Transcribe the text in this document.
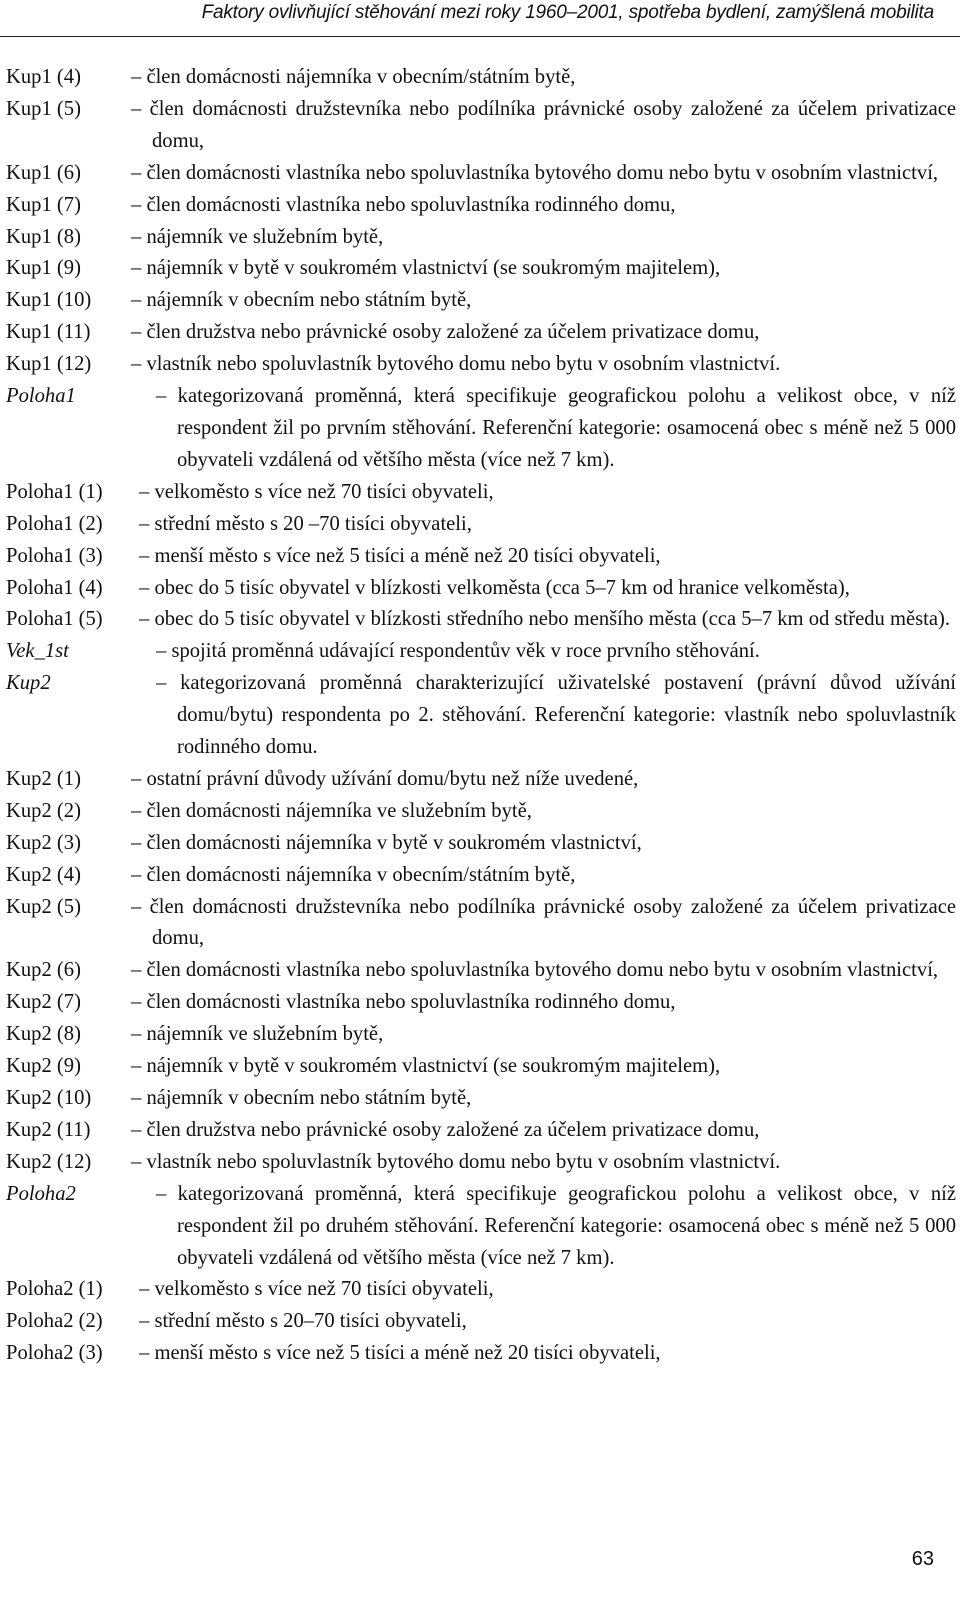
Faktory ovlivňující stěhování mezi roky 1960–2001, spotřeba bydlení, zamýšlená mobilita
Kup1 (4)	– člen domácnosti nájemníka v obecním/státním bytě,
Kup1 (5)	– člen domácnosti družstevníka nebo podílníka právnické osoby založené za účelem privatizace domu,
Kup1 (6)	– člen domácnosti vlastníka nebo spoluvlastníka bytového domu nebo bytu v osobním vlastnictví,
Kup1 (7)	– člen domácnosti vlastníka nebo spoluvlastníka rodinného domu,
Kup1 (8)	– nájemník ve služebním bytě,
Kup1 (9)	– nájemník v bytě v soukromém vlastnictví (se soukromým majitelem),
Kup1 (10)	– nájemník v obecním nebo státním bytě,
Kup1 (11)	– člen družstva nebo právnické osoby založené za účelem privatizace domu,
Kup1 (12)	– vlastník nebo spoluvlastník bytového domu nebo bytu v osobním vlastnictví.
Poloha1	– kategorizovaná proměnná, která specifikuje geografickou polohu a velikost obce, v níž respondent žil po prvním stěhování. Referenční kategorie: osamocená obec s méně než 5 000 obyvateli vzdálená od většího města (více než 7 km).
Poloha1 (1)	– velkoměsto s více než 70 tisíci obyvateli,
Poloha1 (2)	– střední město s 20 –70 tisíci obyvateli,
Poloha1 (3)	– menší město s více než 5 tisíci a méně než 20 tisíci obyvateli,
Poloha1 (4)	– obec do 5 tisíc obyvatel v blízkosti velkoměsta (cca 5–7 km od hranice velkoměsta),
Poloha1 (5)	– obec do 5 tisíc obyvatel v blízkosti středního nebo menšího města (cca 5–7 km od středu města).
Vek_1st	– spojitá proměnná udávající respondentův věk v roce prvního stěhování.
Kup2	– kategorizovaná proměnná charakterizující uživatelské postavení (právní důvod užívání domu/bytu) respondenta po 2. stěhování. Referenční kategorie: vlastník nebo spoluvlastník rodinného domu.
Kup2 (1)	– ostatní právní důvody užívání domu/bytu než níže uvedené,
Kup2 (2)	– člen domácnosti nájemníka ve služebním bytě,
Kup2 (3)	– člen domácnosti nájemníka v bytě v soukromém vlastnictví,
Kup2 (4)	– člen domácnosti nájemníka v obecním/státním bytě,
Kup2 (5)	– člen domácnosti družstevníka nebo podílníka právnické osoby založené za účelem privatizace domu,
Kup2 (6)	– člen domácnosti vlastníka nebo spoluvlastníka bytového domu nebo bytu v osobním vlastnictví,
Kup2 (7)	– člen domácnosti vlastníka nebo spoluvlastníka rodinného domu,
Kup2 (8)	– nájemník ve služebním bytě,
Kup2 (9)	– nájemník v bytě v soukromém vlastnictví (se soukromým majitelem),
Kup2 (10)	– nájemník v obecním nebo státním bytě,
Kup2 (11)	– člen družstva nebo právnické osoby založené za účelem privatizace domu,
Kup2 (12)	– vlastník nebo spoluvlastník bytového domu nebo bytu v osobním vlastnictví.
Poloha2	– kategorizovaná proměnná, která specifikuje geografickou polohu a velikost obce, v níž respondent žil po druhém stěhování. Referenční kategorie: osamocená obec s méně než 5 000 obyvateli vzdálená od většího města (více než 7 km).
Poloha2 (1)	– velkoměsto s více než 70 tisíci obyvateli,
Poloha2 (2)	– střední město s 20–70 tisíci obyvateli,
Poloha2 (3)	– menší město s více než 5 tisíci a méně než 20 tisíci obyvateli,
63
